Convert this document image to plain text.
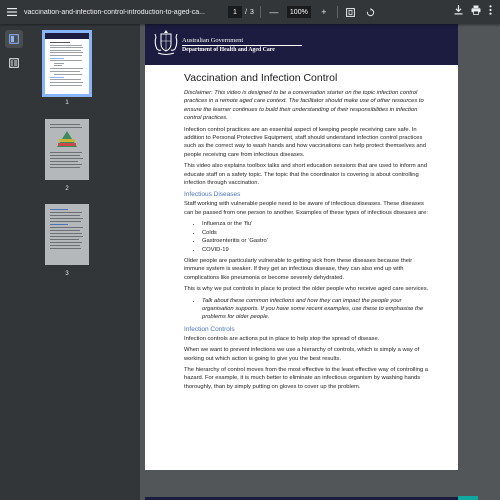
vaccination-and-infection-control-introduction-to-aged-ca...
1	/ 3 —
100%	+
1
2
3
Australian Government
Department of Health and Aged Care
Vaccination and Infection Control
Disclaimer: This video is designed to be a conversation starter on the topic infection control practices in a remote aged care context. The facilitator should make use of other resources to ensure the learner continues to build their understanding of their responsibilities in infection control practices.
Infection control practices are an essential aspect of keeping people receiving care safe. In addition to Personal Protective Equipment, staff should understand infection control practices such as the correct way to wash hands and how vaccinations can help protect themselves and people receiving care from infectious diseases.
This video also explains toolbox talks and short education sessions that are used to inform and educate staff on a safety topic. The topic that the coordinator is covering is about controlling infection through vaccination.
Infectious Diseases
Staff working with vulnerable people need to be aware of infectious diseases. These diseases can be passed from one person to another. Examples of these types of infectious diseases are:
• Influenza or the ‘flu’
• Colds
• Gastroenteritis or ‘Gastro’
• COVID-19
Older people are particularly vulnerable to getting sick from these diseases because their immune system is weaker. If they get an infectious disease, they can also end up with complications like pneumonia or become severely dehydrated.
This is why we put controls in place to protect the older people who receive aged care services.
• Talk about these common infections and how they can impact the people your organisation supports. If you have some recent examples, use these to emphasise the problems for older people.
Infection Controls
Infection controls are actions put in place to help stop the spread of disease.
When we want to prevent infections we use a hierarchy of controls, which is simply a way of working out which action is going to give you the best results.
The hierarchy of control moves from the most effective to the least effective way of controlling a hazard. For example, it is much better to eliminate an infectious organism by washing hands thoroughly, than by simply putting on gloves to cover up the problem.
